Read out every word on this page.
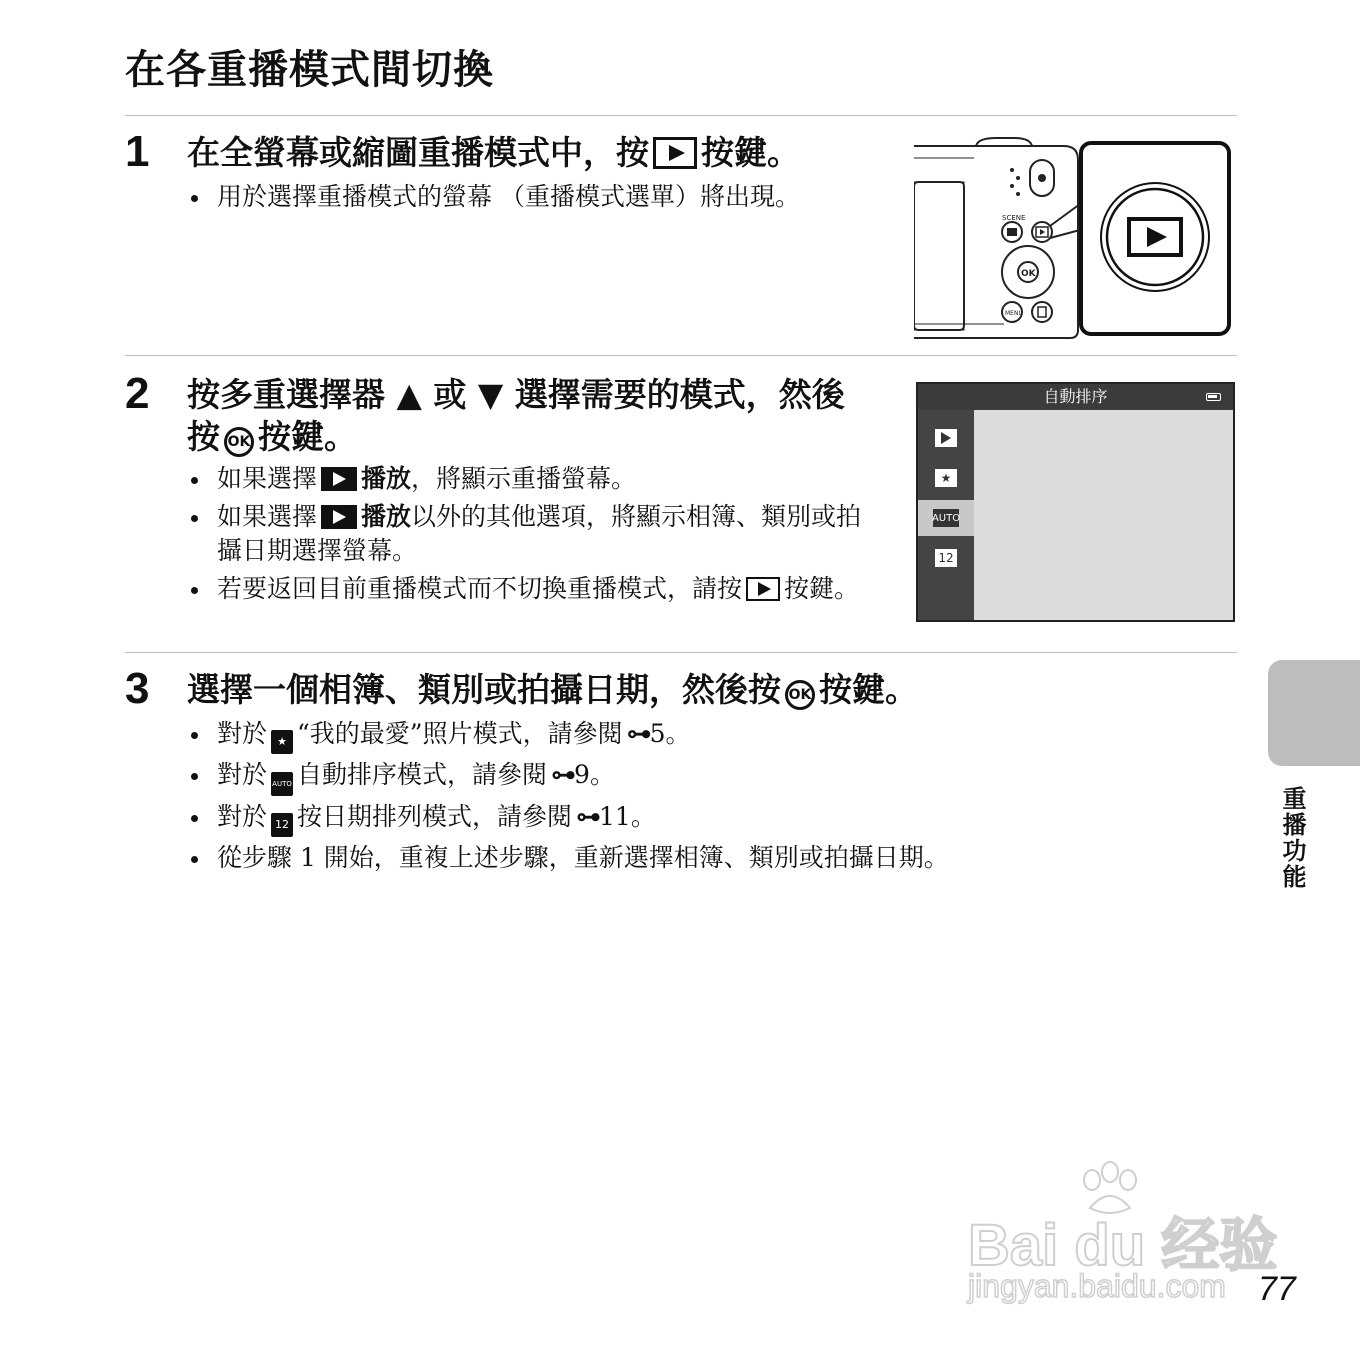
在各重播模式間切換
1 在全螢幕或縮圖重播模式中，按 按鍵。
用於選擇重播模式的螢幕 （重播模式選單）將出現。
SCENE
OK
MENU
2 按多重選擇器 ▲ 或 ▼ 選擇需要的模式，然後按 OK 按鍵。
如果選擇 播放，將顯示重播螢幕。
如果選擇 播放以外的其他選項，將顯示相簿、類別或拍攝日期選擇螢幕。
若要返回目前重播模式而不切換重播模式，請按 按鍵。
自動排序
★
AUTO
12
3 選擇一個相簿、類別或拍攝日期，然後按 OK 按鍵。
對於 ★ “我的最愛”照片模式，請參閱 ⊶5。
對於 AUTO 自動排序模式，請參閱 ⊶9。
對於 12 按日期排列模式，請參閱 ⊶11。
從步驟 1 開始，重複上述步驟，重新選擇相簿、類別或拍攝日期。	重播功能
Bai du 经验
jingyan.baidu.com 77
